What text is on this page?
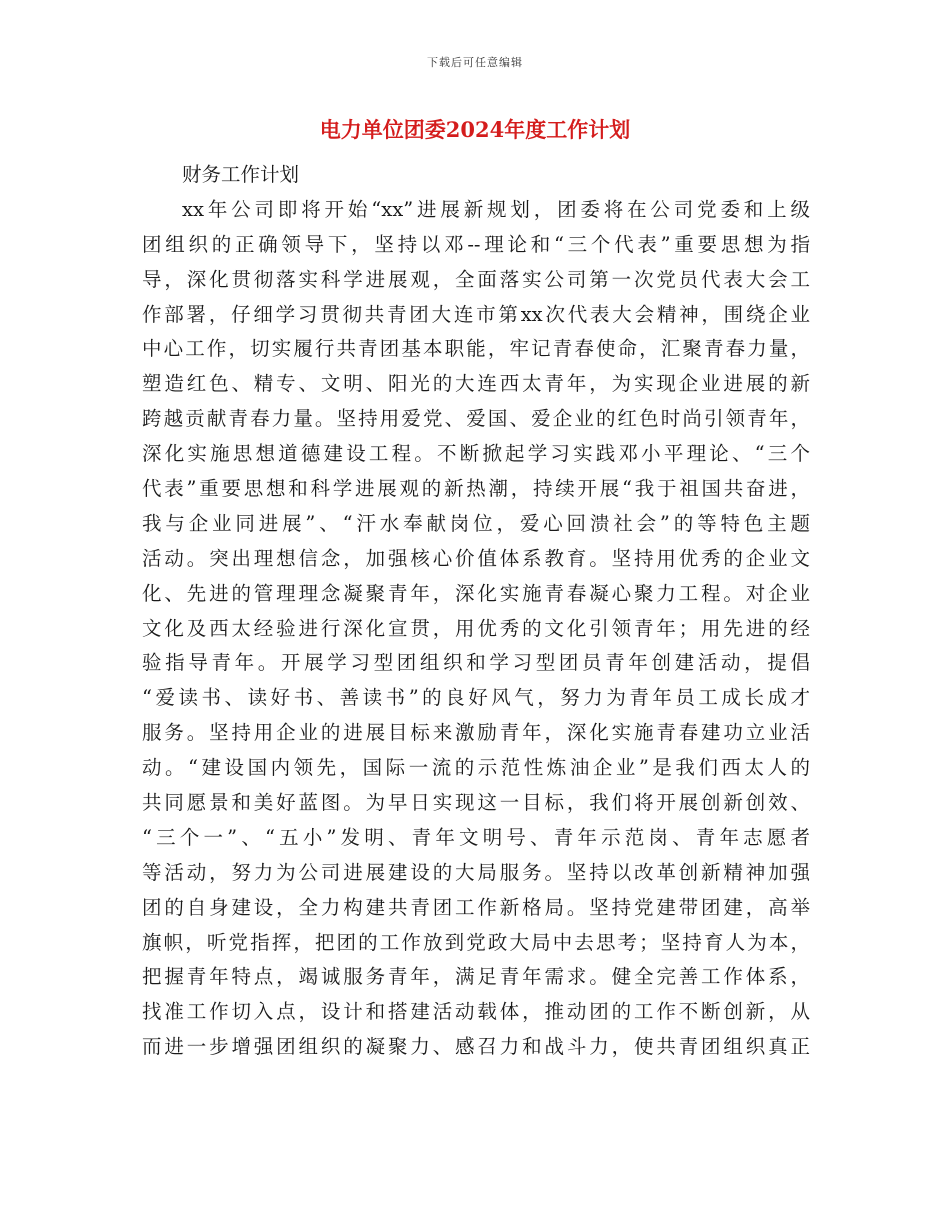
下载后可任意编辑
电力单位团委2024年度工作计划
财务工作计划
xx年公司即将开始“xx”进展新规划，团委将在公司党委和上级
团组织的正确领导下，坚持以邓--理论和“三个代表”重要思想为指
导，深化贯彻落实科学进展观，全面落实公司第一次党员代表大会工
作部署，仔细学习贯彻共青团大连市第xx次代表大会精神，围绕企业
中心工作，切实履行共青团基本职能，牢记青春使命，汇聚青春力量，
塑造红色、精专、文明、阳光的大连西太青年，为实现企业进展的新
跨越贡献青春力量。坚持用爱党、爱国、爱企业的红色时尚引领青年，
深化实施思想道德建设工程。不断掀起学习实践邓小平理论、“三个
代表”重要思想和科学进展观的新热潮，持续开展“我于祖国共奋进，
我与企业同进展”、“汗水奉献岗位，爱心回溃社会”的等特色主题
活动。突出理想信念，加强核心价值体系教育。坚持用优秀的企业文
化、先进的管理理念凝聚青年，深化实施青春凝心聚力工程。对企业
文化及西太经验进行深化宣贯，用优秀的文化引领青年；用先进的经
验指导青年。开展学习型团组织和学习型团员青年创建活动，提倡
“爱读书、读好书、善读书”的良好风气，努力为青年员工成长成才
服务。坚持用企业的进展目标来激励青年，深化实施青春建功立业活
动。“建设国内领先，国际一流的示范性炼油企业”是我们西太人的
共同愿景和美好蓝图。为早日实现这一目标，我们将开展创新创效、
“三个一”、“五小”发明、青年文明号、青年示范岗、青年志愿者
等活动，努力为公司进展建设的大局服务。坚持以改革创新精神加强
团的自身建设，全力构建共青团工作新格局。坚持党建带团建，高举
旗帜，听党指挥，把团的工作放到党政大局中去思考；坚持育人为本，
把握青年特点，竭诚服务青年，满足青年需求。健全完善工作体系，
找准工作切入点，设计和搭建活动载体，推动团的工作不断创新，从
而进一步增强团组织的凝聚力、感召力和战斗力，使共青团组织真正
